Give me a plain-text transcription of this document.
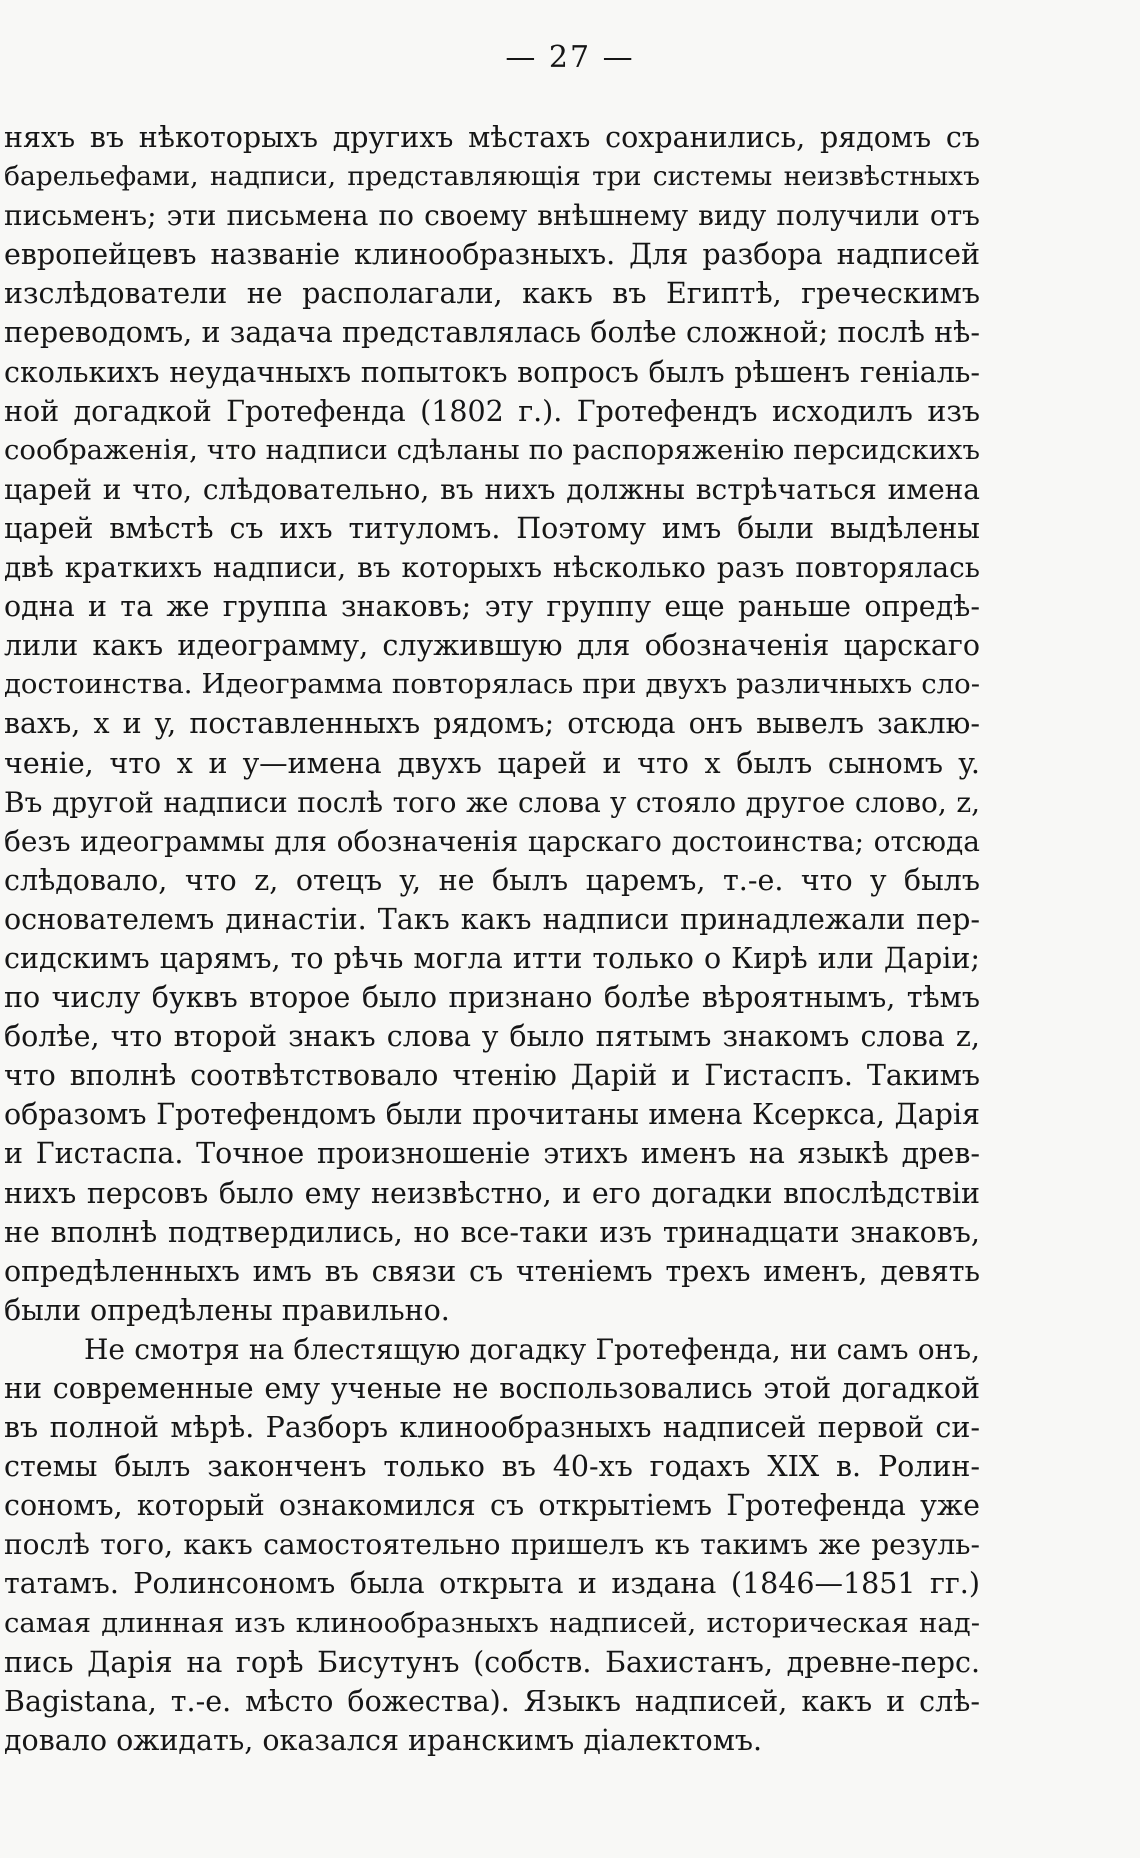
— 27 —
няхъ въ нѣкоторыхъ другихъ мѣстахъ сохранились, рядомъ съ
барельефами, надписи, представляющія три системы неизвѣстныхъ
письменъ; эти письмена по своему внѣшнему виду получили отъ
европейцевъ названіе клинообразныхъ. Для разбора надписей
изслѣдователи не располагали, какъ въ Египтѣ, греческимъ
переводомъ, и задача представлялась болѣе сложной; послѣ нѣ-
сколькихъ неудачныхъ попытокъ вопросъ былъ рѣшенъ геніаль-
ной догадкой Гротефенда (1802 г.). Гротефендъ исходилъ изъ
соображенія, что надписи сдѣланы по распоряженію персидскихъ
царей и что, слѣдовательно, въ нихъ должны встрѣчаться имена
царей вмѣстѣ съ ихъ титуломъ. Поэтому имъ были выдѣлены
двѣ краткихъ надписи, въ которыхъ нѣсколько разъ повторялась
одна и та же группа знаковъ; эту группу еще раньше опредѣ-
лили какъ идеограмму, служившую для обозначенія царскаго
достоинства. Идеограмма повторялась при двухъ различныхъ сло-
вахъ, x и y, поставленныхъ рядомъ; отсюда онъ вывелъ заклю-
ченіе, что x и y—имена двухъ царей и что x былъ сыномъ y.
Въ другой надписи послѣ того же слова y стояло другое слово, z,
безъ идеограммы для обозначенія царскаго достоинства; отсюда
слѣдовало, что z, отецъ y, не былъ царемъ, т.-е. что y былъ
основателемъ династіи. Такъ какъ надписи принадлежали пер-
сидскимъ царямъ, то рѣчь могла итти только о Кирѣ или Даріи;
по числу буквъ второе было признано болѣе вѣроятнымъ, тѣмъ
болѣе, что второй знакъ слова y было пятымъ знакомъ слова z,
что вполнѣ соотвѣтствовало чтенію Дарій и Гистаспъ. Такимъ
образомъ Гротефендомъ были прочитаны имена Ксеркса, Дарія
и Гистаспа. Точное произношеніе этихъ именъ на языкѣ древ-
нихъ персовъ было ему неизвѣстно, и его догадки впослѣдствіи
не вполнѣ подтвердились, но все-таки изъ тринадцати знаковъ,
опредѣленныхъ имъ въ связи съ чтеніемъ трехъ именъ, девять
были опредѣлены правильно.
Не смотря на блестящую догадку Гротефенда, ни самъ онъ,
ни современные ему ученые не воспользовались этой догадкой
въ полной мѣрѣ. Разборъ клинообразныхъ надписей первой си-
стемы былъ законченъ только въ 40-хъ годахъ XIX в. Ролин-
сономъ, который ознакомился съ открытіемъ Гротефенда уже
послѣ того, какъ самостоятельно пришелъ къ такимъ же резуль-
татамъ. Ролинсономъ была открыта и издана (1846—1851 гг.)
самая длинная изъ клинообразныхъ надписей, историческая над-
пись Дарія на горѣ Бисутунъ (собств. Бахистанъ, древне-перс.
Bagistana, т.-е. мѣсто божества). Языкъ надписей, какъ и слѣ-
довало ожидать, оказался иранскимъ діалектомъ.
